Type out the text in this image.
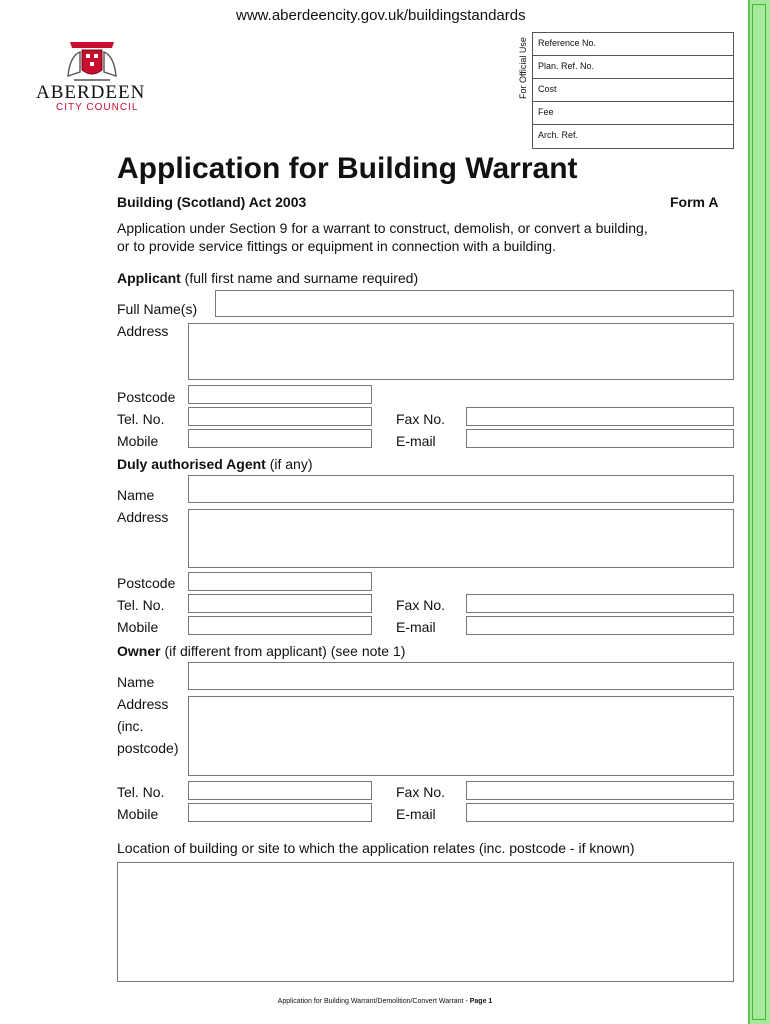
www.aberdeencity.gov.uk/buildingstandards
ABERDEEN
CITY COUNCIL
For Official Use	Reference No.
Plan. Ref. No.
Cost
Fee
Arch. Ref.
Application for Building Warrant
Building (Scotland) Act 2003	Form A
Application under Section 9 for a warrant to construct, demolish, or convert a building,
or to provide service fittings or equipment in connection with a building.
Applicant (full first name and surname required)
Full Name(s)
Address
Postcode
Tel. No.	Fax No.
Mobile	E-mail
Duly authorised Agent (if any)
Name
Address
Postcode
Tel. No.	Fax No.
Mobile	E-mail
Owner (if different from applicant) (see note 1)
Name
Address
(inc.
postcode)
Tel. No.	Fax No.
Mobile	E-mail
Location of building or site to which the application relates (inc. postcode - if known)
Application for Building Warrant/Demolition/Convert Warrant - Page 1
